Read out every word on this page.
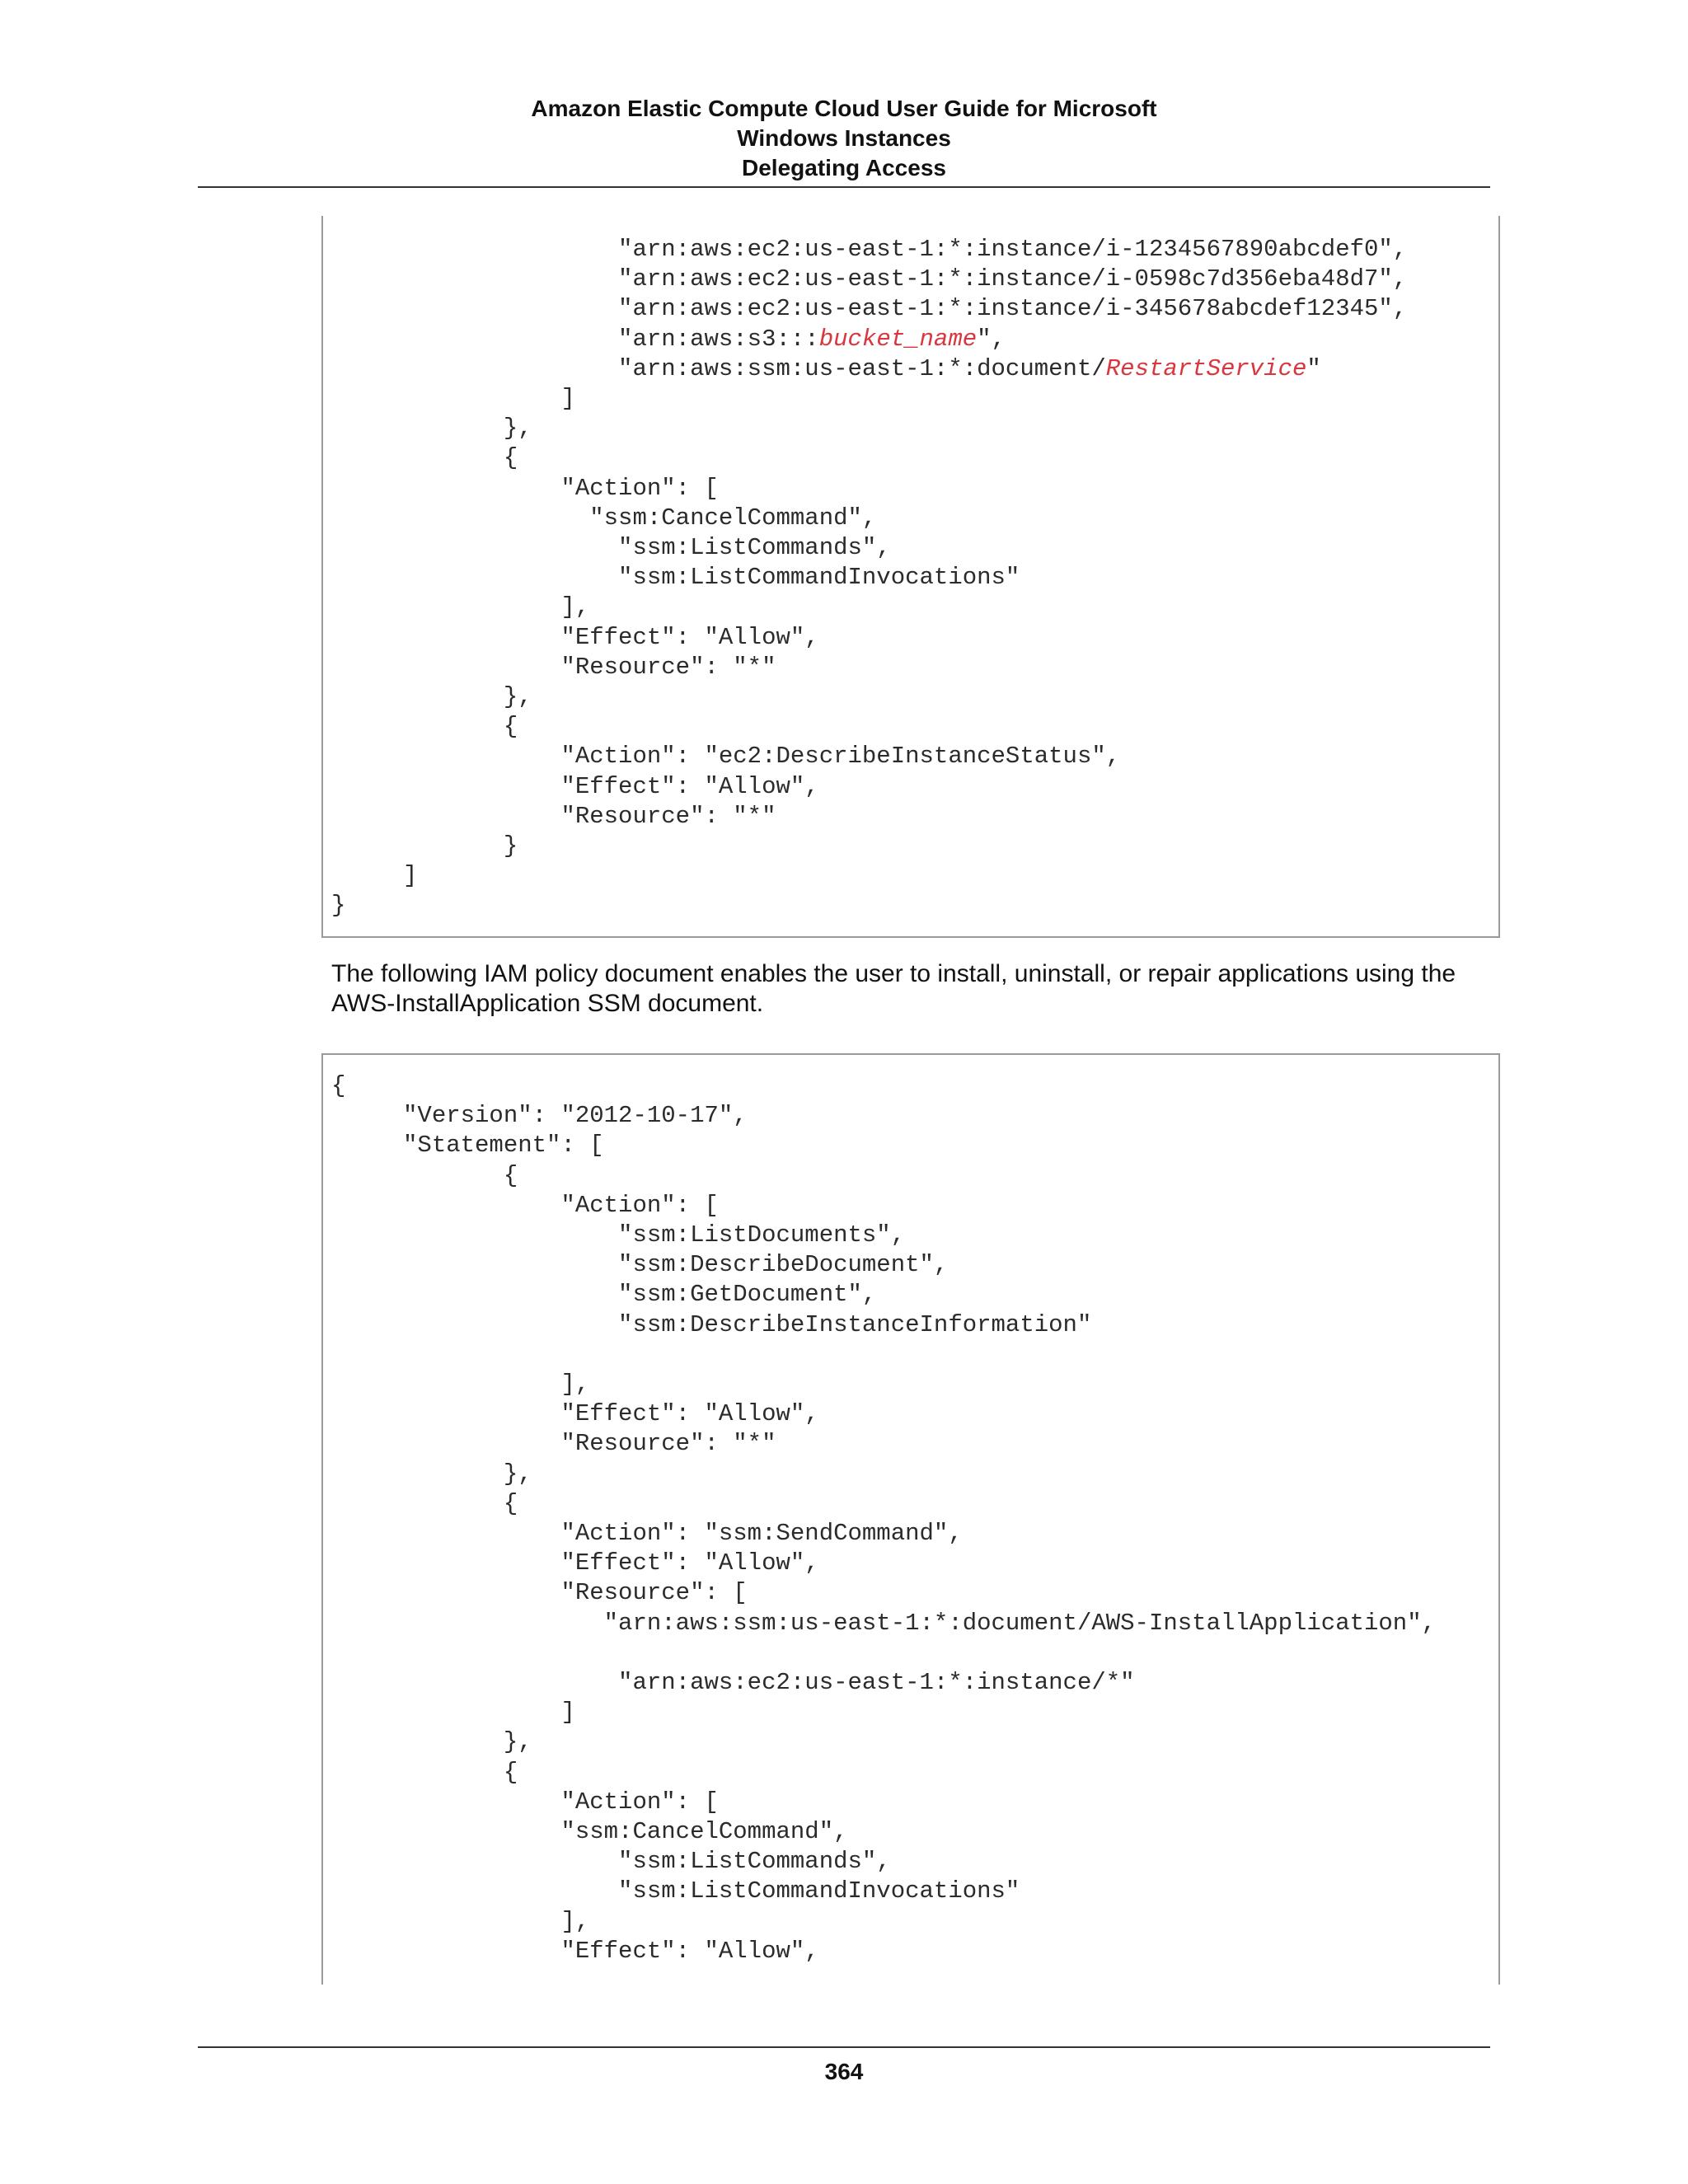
Amazon Elastic Compute Cloud User Guide for Microsoft
Windows Instances
Delegating Access
"arn:aws:ec2:us-east-1:*:instance/i-1234567890abcdef0",
"arn:aws:ec2:us-east-1:*:instance/i-0598c7d356eba48d7",
"arn:aws:ec2:us-east-1:*:instance/i-345678abcdef12345",
"arn:aws:s3:::bucket_name",
"arn:aws:ssm:us-east-1:*:document/RestartService"
]
},
{
"Action": [
"ssm:CancelCommand",
"ssm:ListCommands",
"ssm:ListCommandInvocations"
],
"Effect": "Allow",
"Resource": "*"
},
{
"Action": "ec2:DescribeInstanceStatus",
"Effect": "Allow",
"Resource": "*"
}
]
}
The following IAM policy document enables the user to install, uninstall, or repair applications using the AWS-InstallApplication SSM document.
{
"Version": "2012-10-17",
"Statement": [
{
"Action": [
"ssm:ListDocuments",
"ssm:DescribeDocument",
"ssm:GetDocument",
"ssm:DescribeInstanceInformation"

],
"Effect": "Allow",
"Resource": "*"
},
{
"Action": "ssm:SendCommand",
"Effect": "Allow",
"Resource": [
"arn:aws:ssm:us-east-1:*:document/AWS-InstallApplication",

"arn:aws:ec2:us-east-1:*:instance/*"
]
},
{
"Action": [
"ssm:CancelCommand",
"ssm:ListCommands",
"ssm:ListCommandInvocations"
],
"Effect": "Allow",
364
